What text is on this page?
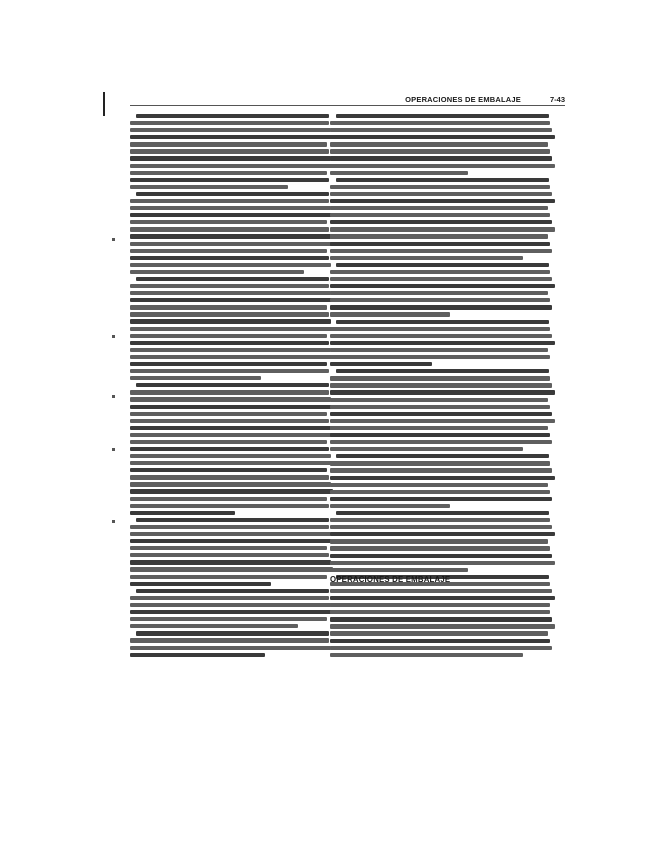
OPERACIONES DE EMBALAJE	7-43
OPERACIONES DE EMBALAJE
